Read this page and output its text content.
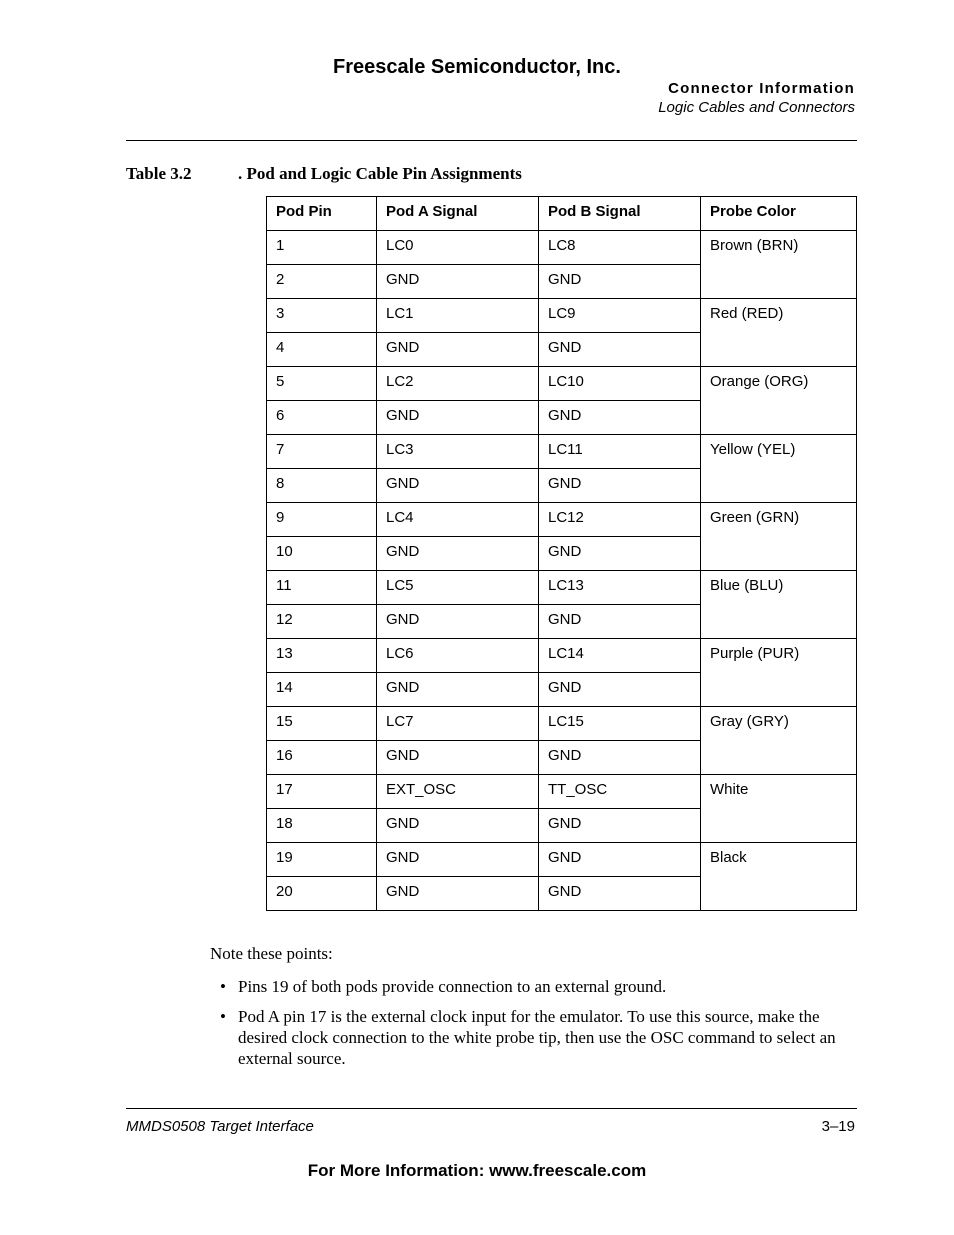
Freescale Semiconductor, Inc.
Connector Information
Logic Cables and Connectors
Table 3.2	. Pod and Logic Cable Pin Assignments
Pod Pin	Pod A Signal	Pod B Signal	Probe Color
1	LC0	LC8	Brown (BRN)
2	GND	GND	
3	LC1	LC9	Red (RED)
4	GND	GND	
5	LC2	LC10	Orange (ORG)
6	GND	GND	
7	LC3	LC11	Yellow (YEL)
8	GND	GND	
9	LC4	LC12	Green (GRN)
10	GND	GND	
11	LC5	LC13	Blue (BLU)
12	GND	GND	
13	LC6	LC14	Purple (PUR)
14	GND	GND	
15	LC7	LC15	Gray (GRY)
16	GND	GND	
17	EXT_OSC	TT_OSC	White
18	GND	GND	
19	GND	GND	Black
20	GND	GND	
Note these points:
• Pins 19 of both pods provide connection to an external ground.
• Pod A pin 17 is the external clock input for the emulator. To use this source, make the desired clock connection to the white probe tip, then use the OSC command to select an external source.
MMDS0508 Target Interface	3–19
For More Information: www.freescale.com
